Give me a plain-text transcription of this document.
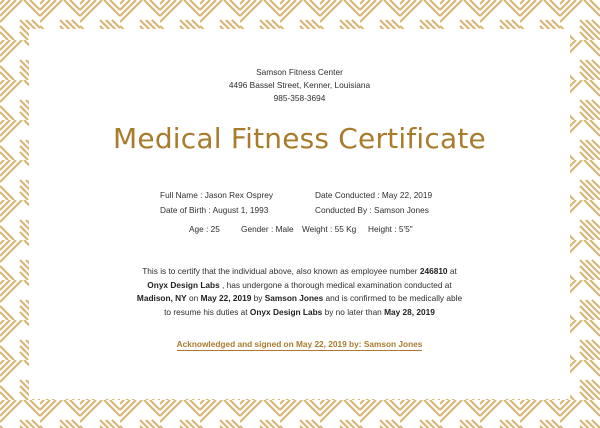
Samson Fitness Center
4496 Bassel Street, Kenner, Louisiana
985-358-3694
Medical Fitness Certificate
Full Name : Jason Rex Osprey
Date of Birth : August 1, 1993
Date Conducted : May 22, 2019
Conducted By : Samson Jones
Age : 25	Gender : Male Weight : 55 Kg Height : 5'5"
This is to certify that the individual above, also known as employee number 246810 at
Onyx Design Labs , has undergone a thorough medical examination conducted at
Madison, NY on May 22, 2019 by Samson Jones and is confirmed to be medically able
to resume his duties at Onyx Design Labs by no later than May 28, 2019
Acknowledged and signed on May 22, 2019 by: Samson Jones
